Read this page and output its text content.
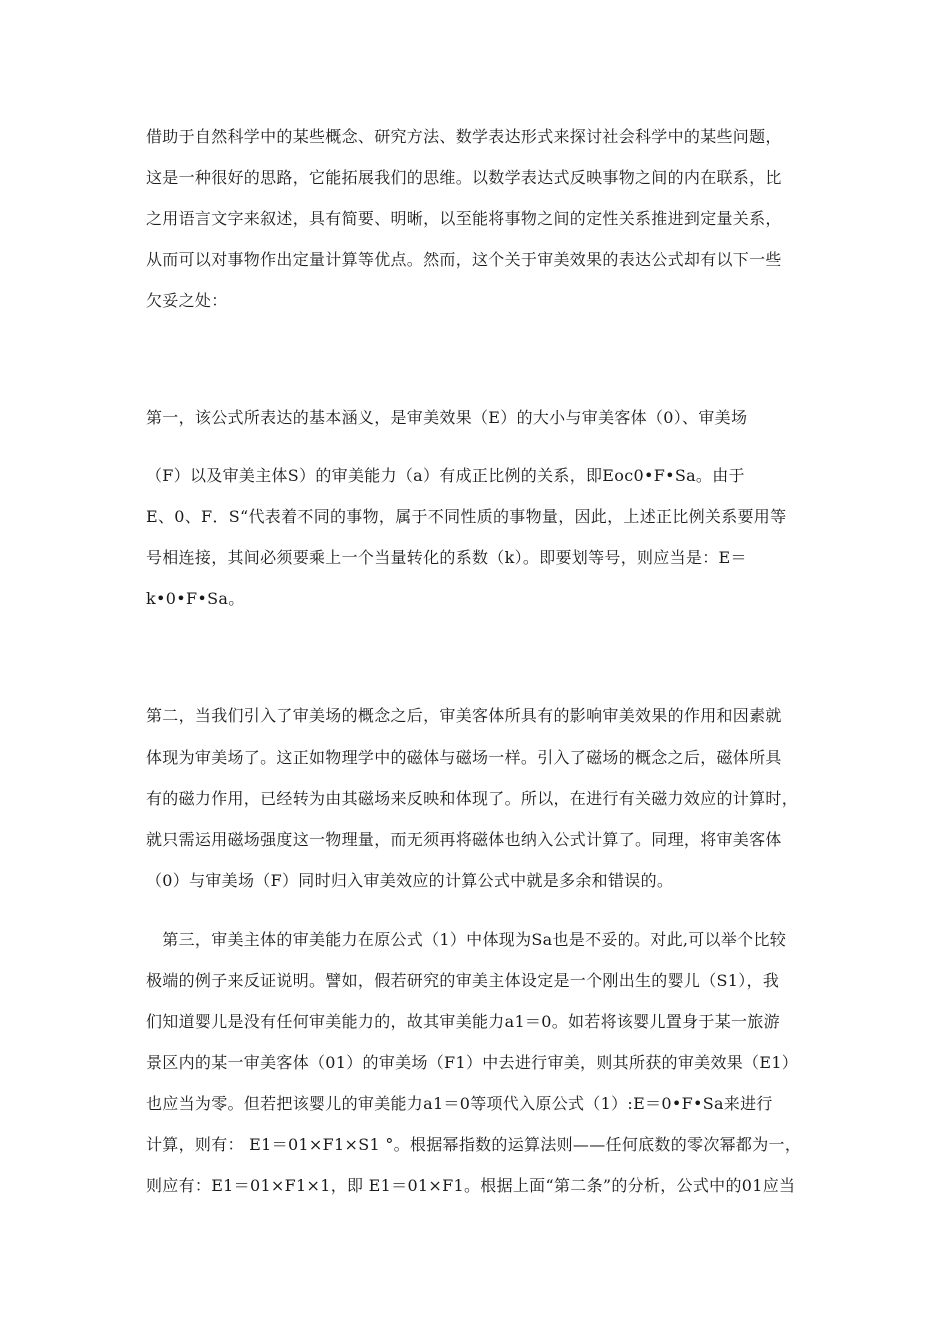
借助于自然科学中的某些概念、研究方法、数学表达形式来探讨社会科学中的某些问题，
这是一种很好的思路，它能拓展我们的思维。以数学表达式反映事物之间的内在联系，比
之用语言文字来叙述，具有简要、明晰，以至能将事物之间的定性关系推进到定量关系，
从而可以对事物作出定量计算等优点。然而，这个关于审美效果的表达公式却有以下一些
欠妥之处：
第一，该公式所表达的基本涵义，是审美效果（E）的大小与审美客体（0）、审美场
（F）以及审美主体S）的审美能力（a）有成正比例的关系，即Eoc0•F•Sa。由于
E、0、F．S“代表着不同的事物，属于不同性质的事物量，因此，上述正比例关系要用等
号相连接，其间必须要乘上一个当量转化的系数（k）。即要划等号，则应当是：E＝
k•0•F•Sa。
第二，当我们引入了审美场的概念之后，审美客体所具有的影响审美效果的作用和因素就
体现为审美场了。这正如物理学中的磁体与磁场一样。引入了磁场的概念之后，磁体所具
有的磁力作用，已经转为由其磁场来反映和体现了。所以，在进行有关磁力效应的计算时，
就只需运用磁场强度这一物理量，而无须再将磁体也纳入公式计算了。同理，将审美客体
（0）与审美场（F）同时归入审美效应的计算公式中就是多余和错误的。
　第三，审美主体的审美能力在原公式（1）中体现为Sa也是不妥的。对此,可以举个比较
极端的例子来反证说明。譬如，假若研究的审美主体设定是一个刚出生的婴儿（S1），我
们知道婴儿是没有任何审美能力的，故其审美能力a1＝0。如若将该婴儿置身于某一旅游
景区内的某一审美客体（01）的审美场（F1）中去进行审美，则其所获的审美效果（E1）
也应当为零。但若把该婴儿的审美能力a1＝0等项代入原公式（1）:E＝0•F•Sa来进行
计算，则有： E1＝01×F1×S1 °。根据幂指数的运算法则——任何底数的零次幂都为一，
则应有：E1＝01×F1×1，即 E1＝01×F1。根据上面“第二条”的分析，公式中的01应当
